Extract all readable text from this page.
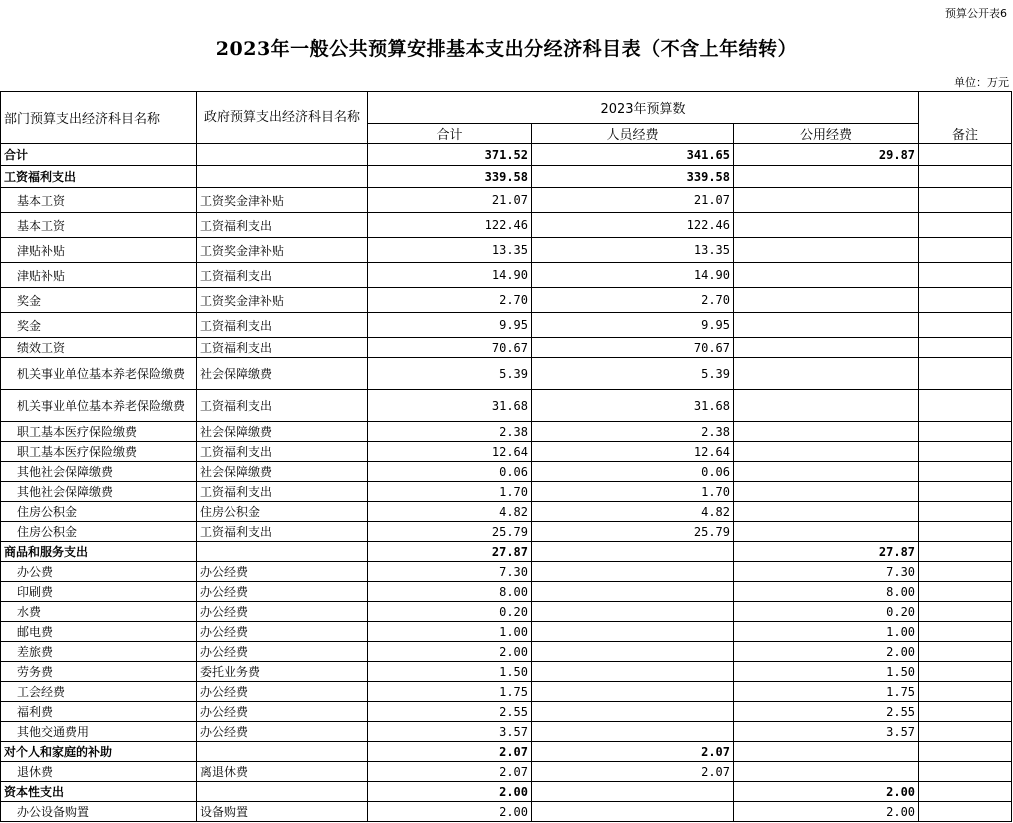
预算公开表6
2023年一般公共预算安排基本支出分经济科目表（不含上年结转）
单位：万元
部门预算支出经济科目名称	政府预算支出经济科目名称	2023年预算数			
		合计	人员经费	公用经费	备注
合计		371.52	341.65	29.87	
工资福利支出		339.58	339.58		
基本工资	工资奖金津补贴	21.07	21.07		
基本工资	工资福利支出	122.46	122.46		
津贴补贴	工资奖金津补贴	13.35	13.35		
津贴补贴	工资福利支出	14.90	14.90		
奖金	工资奖金津补贴	2.70	2.70		
奖金	工资福利支出	9.95	9.95		
绩效工资	工资福利支出	70.67	70.67		
机关事业单位基本养老保险缴费	社会保障缴费	5.39	5.39		
机关事业单位基本养老保险缴费	工资福利支出	31.68	31.68		
职工基本医疗保险缴费	社会保障缴费	2.38	2.38		
职工基本医疗保险缴费	工资福利支出	12.64	12.64		
其他社会保障缴费	社会保障缴费	0.06	0.06		
其他社会保障缴费	工资福利支出	1.70	1.70		
住房公积金	住房公积金	4.82	4.82		
住房公积金	工资福利支出	25.79	25.79		
商品和服务支出		27.87		27.87	
办公费	办公经费	7.30		7.30	
印刷费	办公经费	8.00		8.00	
水费	办公经费	0.20		0.20	
邮电费	办公经费	1.00		1.00	
差旅费	办公经费	2.00		2.00	
劳务费	委托业务费	1.50		1.50	
工会经费	办公经费	1.75		1.75	
福利费	办公经费	2.55		2.55	
其他交通费用	办公经费	3.57		3.57	
对个人和家庭的补助		2.07	2.07		
退休费	离退休费	2.07	2.07		
资本性支出		2.00		2.00	
办公设备购置	设备购置	2.00		2.00	
